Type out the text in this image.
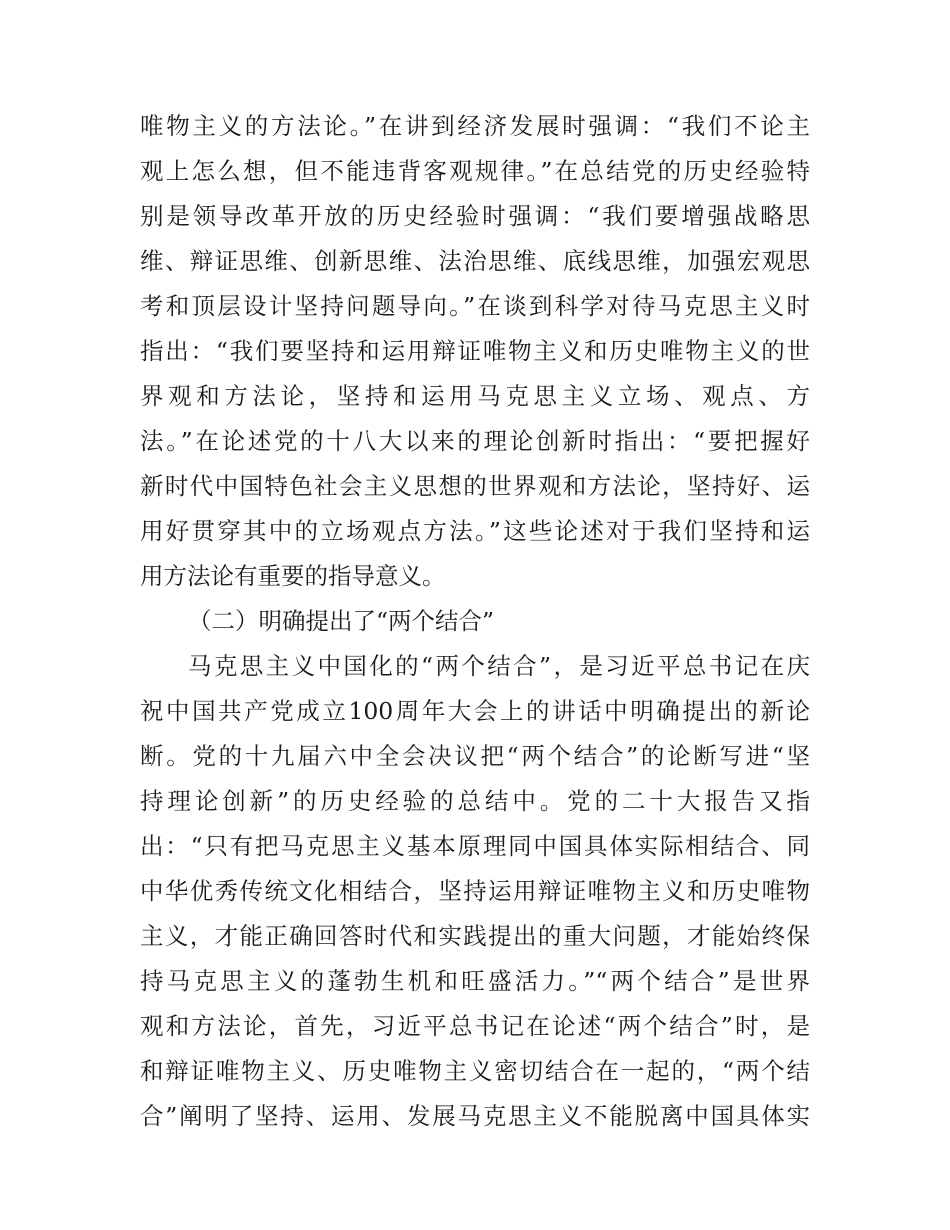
唯物主义的方法论。”在讲到经济发展时强调：“我们不论主
观上怎么想，但不能违背客观规律。”在总结党的历史经验特
别是领导改革开放的历史经验时强调：“我们要增强战略思
维、辩证思维、创新思维、法治思维、底线思维，加强宏观思
考和顶层设计坚持问题导向。”在谈到科学对待马克思主义时
指出：“我们要坚持和运用辩证唯物主义和历史唯物主义的世
界观和方法论，坚持和运用马克思主义立场、观点、方
法。”在论述党的十八大以来的理论创新时指出：“要把握好
新时代中国特色社会主义思想的世界观和方法论，坚持好、运
用好贯穿其中的立场观点方法。”这些论述对于我们坚持和运
用方法论有重要的指导意义。
（二）明确提出了“两个结合”
马克思主义中国化的“两个结合”，是习近平总书记在庆
祝中国共产党成立100周年大会上的讲话中明确提出的新论
断。党的十九届六中全会决议把“两个结合”的论断写进“坚
持理论创新”的历史经验的总结中。党的二十大报告又指
出：“只有把马克思主义基本原理同中国具体实际相结合、同
中华优秀传统文化相结合，坚持运用辩证唯物主义和历史唯物
主义，才能正确回答时代和实践提出的重大问题，才能始终保
持马克思主义的蓬勃生机和旺盛活力。”“两个结合”是世界
观和方法论，首先，习近平总书记在论述“两个结合”时，是
和辩证唯物主义、历史唯物主义密切结合在一起的，“两个结
合”阐明了坚持、运用、发展马克思主义不能脱离中国具体实
